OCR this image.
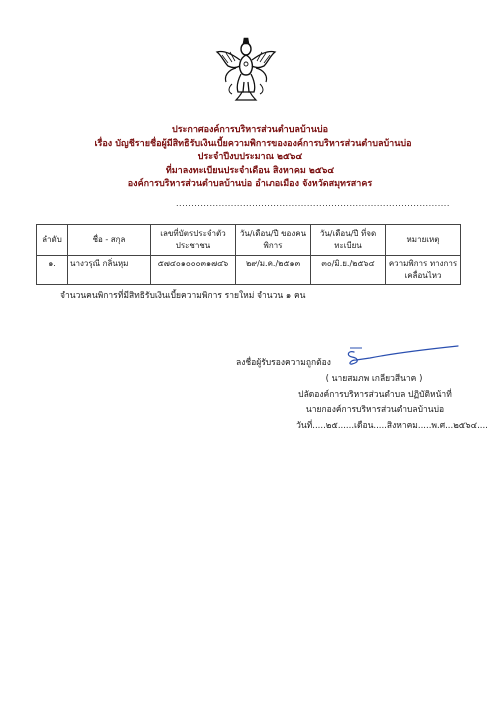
ประกาศองค์การบริหารส่วนตำบลบ้านบ่อ
เรื่อง บัญชีรายชื่อผู้มีสิทธิรับเงินเบี้ยความพิการขององค์การบริหารส่วนตำบลบ้านบ่อ
ประจำปีงบประมาณ ๒๕๖๔
ที่มาลงทะเบียนประจำเดือน สิงหาคม ๒๕๖๔
องค์การบริหารส่วนตำบลบ้านบ่อ อำเภอเมือง จังหวัดสมุทรสาคร
..........................................................................................
ลำดับ	ชื่อ - สกุล	เลขที่บัตรประจำตัว ประชาชน	วัน/เดือน/ปี ของคนพิการ	วัน/เดือน/ปี ที่จดทะเบียน	หมายเหตุ
๑.	นางวรุณี กลิ่นหุม	๕๗๔๐๑๐๐๐๓๑๗๔๖	๒๙/ม.ค./๒๕๑๓	๓๐/มิ.ย./๒๕๖๔	ความพิการ ทางการ เคลื่อนไหว
จำนวนคนพิการที่มีสิทธิรับเงินเบี้ยความพิการ รายใหม่ จำนวน ๑ คน
ลงชื่อผู้รับรองความถูกต้อง
( นายสมภพ เกลียวสีนาค )
ปลัดองค์การบริหารส่วนตำบล ปฏิบัติหน้าที่
นายกองค์การบริหารส่วนตำบลบ้านบ่อ
วันที่.....๒๕......เดือน.....สิงหาคม.....พ.ศ...๒๕๖๔....
